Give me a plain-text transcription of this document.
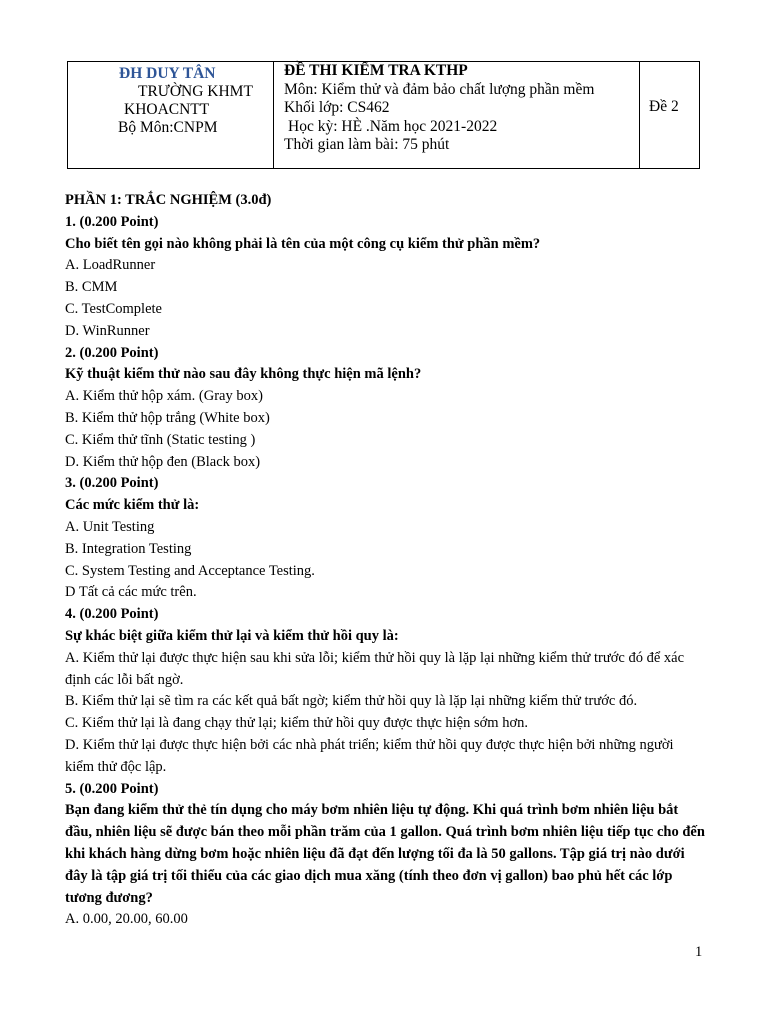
ĐH DUY TÂN
TRƯỜNG KHMT
KHOACNTT
Bộ Môn:CNPM
ĐỀ THI KIỂM TRA KTHP
Môn: Kiểm thử và đảm bảo chất lượng phần mềm
Khối lớp: CS462
Học kỳ: HÈ .Năm học 2021-2022
Thời gian làm bài: 75 phút
Đề 2

PHẦN 1: TRẮC NGHIỆM (3.0đ)

1. (0.200 Point)

Cho biết tên gọi nào không phải là tên của một công cụ kiểm thử phần mềm?

A. LoadRunner

B. CMM

C. TestComplete

D. WinRunner

2. (0.200 Point)

Kỹ thuật kiểm thử nào sau đây không thực hiện mã lệnh?

A. Kiểm thử hộp xám. (Gray box)

B. Kiểm thử hộp trắng (White box)

C. Kiểm thử tĩnh (Static testing )

D. Kiểm thử hộp đen (Black box)

3. (0.200 Point)

Các mức kiểm thử là:

A. Unit Testing

B. Integration Testing

C. System Testing and Acceptance Testing.

D Tất cả các mức trên.

4. (0.200 Point)

Sự khác biệt giữa kiểm thử lại và kiểm thử hồi quy là:

A. Kiểm thử lại được thực hiện sau khi sửa lỗi; kiểm thử hồi quy là lặp lại những kiểm thử trước đó để xác định các lỗi bất ngờ.

B. Kiểm thử lại sẽ tìm ra các kết quả bất ngờ; kiểm thử hồi quy là lặp lại những kiểm thử trước đó.

C. Kiểm thử lại là đang chạy thử lại; kiểm thử hồi quy được thực hiện sớm hơn.

D. Kiểm thử lại được thực hiện bởi các nhà phát triển; kiểm thử hồi quy được thực hiện bởi những người kiểm thử độc lập.

5. (0.200 Point)

Bạn đang kiểm thử thẻ tín dụng cho máy bơm nhiên liệu tự động. Khi quá trình bơm nhiên liệu bắt đầu, nhiên liệu sẽ được bán theo mỗi phần trăm của 1 gallon. Quá trình bơm nhiên liệu tiếp tục cho đến khi khách hàng dừng bơm hoặc nhiên liệu đã đạt đến lượng tối đa là 50 gallons. Tập giá trị nào dưới đây là tập giá trị tối thiểu của các giao dịch mua xăng (tính theo đơn vị gallon) bao phủ hết các lớp tương đương?

A. 0.00, 20.00, 60.00

1
